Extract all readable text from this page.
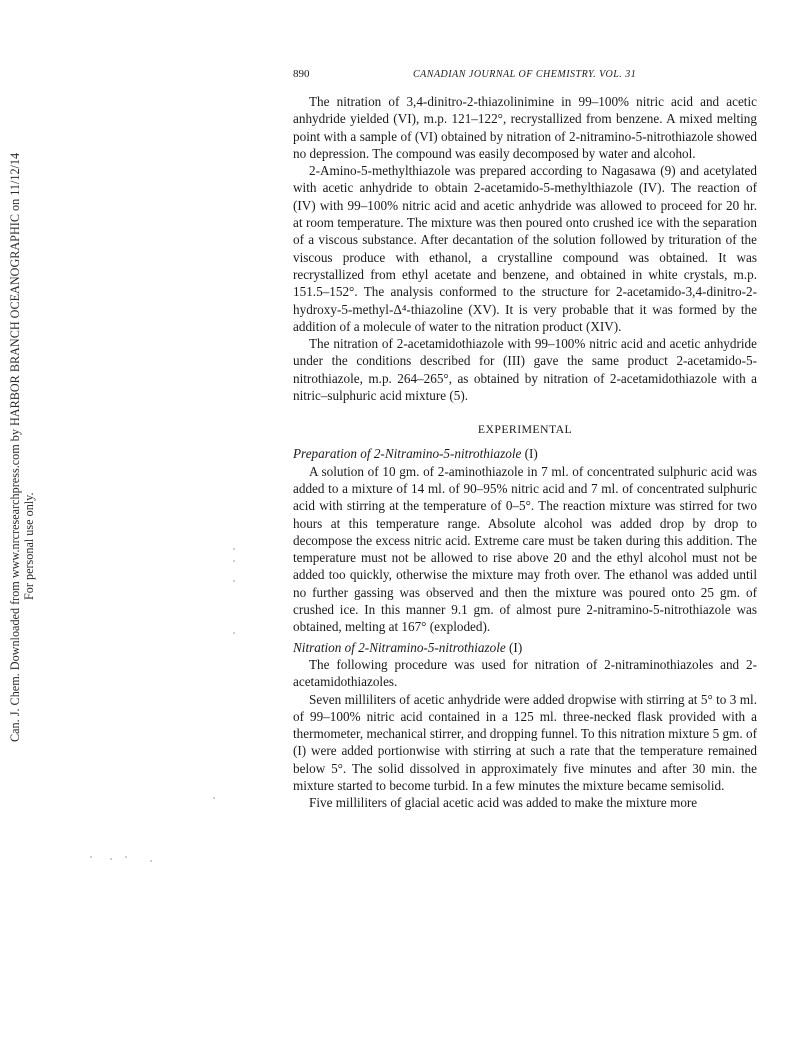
Can. J. Chem. Downloaded from www.nrcresearchpress.com by HARBOR BRANCH OCEANOGRAPHIC on 11/12/14 For personal use only.
890	CANADIAN JOURNAL OF CHEMISTRY. VOL. 31

The nitration of 3,4-dinitro-2-thiazolinimine in 99–100% nitric acid and acetic anhydride yielded (VI), m.p. 121–122°, recrystallized from benzene. A mixed melting point with a sample of (VI) obtained by nitration of 2-nitramino-5-nitrothiazole showed no depression. The compound was easily decomposed by water and alcohol.

2-Amino-5-methylthiazole was prepared according to Nagasawa (9) and acetylated with acetic anhydride to obtain 2-acetamido-5-methylthiazole (IV). The reaction of (IV) with 99–100% nitric acid and acetic anhydride was allowed to proceed for 20 hr. at room temperature. The mixture was then poured onto crushed ice with the separation of a viscous substance. After decantation of the solution followed by trituration of the viscous produce with ethanol, a crystalline compound was obtained. It was recrystallized from ethyl acetate and benzene, and obtained in white crystals, m.p. 151.5–152°. The analysis conformed to the structure for 2-acetamido-3,4-dinitro-2-hydroxy-5-methyl-Δ⁴-thiazoline (XV). It is very probable that it was formed by the addition of a molecule of water to the nitration product (XIV).

The nitration of 2-acetamidothiazole with 99–100% nitric acid and acetic anhydride under the conditions described for (III) gave the same product 2-acetamido-5-nitrothiazole, m.p. 264–265°, as obtained by nitration of 2-acetamidothiazole with a nitric–sulphuric acid mixture (5).

EXPERIMENTAL

Preparation of 2-Nitramino-5-nitrothiazole (I)

A solution of 10 gm. of 2-aminothiazole in 7 ml. of concentrated sulphuric acid was added to a mixture of 14 ml. of 90–95% nitric acid and 7 ml. of concentrated sulphuric acid with stirring at the temperature of 0–5°. The reaction mixture was stirred for two hours at this temperature range. Absolute alcohol was added drop by drop to decompose the excess nitric acid. Extreme care must be taken during this addition. The temperature must not be allowed to rise above 20 and the ethyl alcohol must not be added too quickly, otherwise the mixture may froth over. The ethanol was added until no further gassing was observed and then the mixture was poured onto 25 gm. of crushed ice. In this manner 9.1 gm. of almost pure 2-nitramino-5-nitrothiazole was obtained, melting at 167° (exploded).

Nitration of 2-Nitramino-5-nitrothiazole (I)

The following procedure was used for nitration of 2-nitraminothiazoles and 2-acetamidothiazoles.

Seven milliliters of acetic anhydride were added dropwise with stirring at 5° to 3 ml. of 99–100% nitric acid contained in a 125 ml. three-necked flask provided with a thermometer, mechanical stirrer, and dropping funnel. To this nitration mixture 5 gm. of (I) were added portionwise with stirring at such a rate that the temperature remained below 5°. The solid dissolved in approximately five minutes and after 30 min. the mixture started to become turbid. In a few minutes the mixture became semisolid.

Five milliliters of glacial acetic acid was added to make the mixture more
